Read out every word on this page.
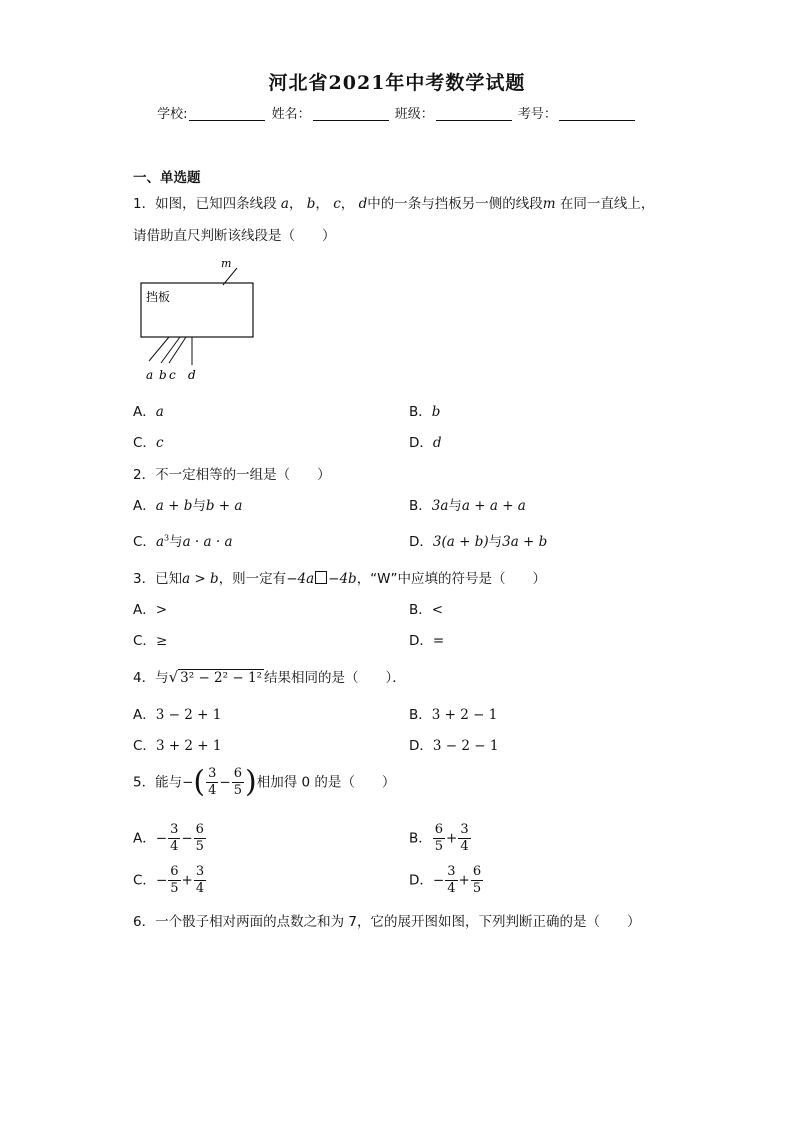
河北省2021年中考数学试题
学校:	姓名：	班级：	考号：
一、单选题
1．如图，已知四条线段 a， b， c， d中的一条与挡板另一侧的线段m 在同一直线上，
请借助直尺判断该线段是（　　）
挡板
m
a b c d
A．a	B．b
C．c	D．d
2．不一定相等的一组是（　　）
A．a + b与b + a	B．3a与a + a + a
C．$a^3$与a · a · a	D．3(a + b)与3a + b
3．已知a > b，则一定有−4a −4b，“W”中应填的符号是（　　）
A．>	B．<
C．≥	D．=
4．与√ 3² − 2² − 1² 结果相同的是（　　）．
A．3 − 2 + 1	B．3 + 2 − 1
C．3 + 2 + 1	D．3 − 2 − 1
5．能与−( $\frac{3}{4} - \frac{6}{5}$ )相加得 0 的是（　　）
A．− $\frac{3}{4} - \frac{6}{5}$	B． $\frac{6}{5} + \frac{3}{4}$
C．− $\frac{6}{5} + \frac{3}{4}$	D．− $\frac{3}{4} + \frac{6}{5}$
6．一个骰子相对两面的点数之和为 7，它的展开图如图，下列判断正确的是（　　）
